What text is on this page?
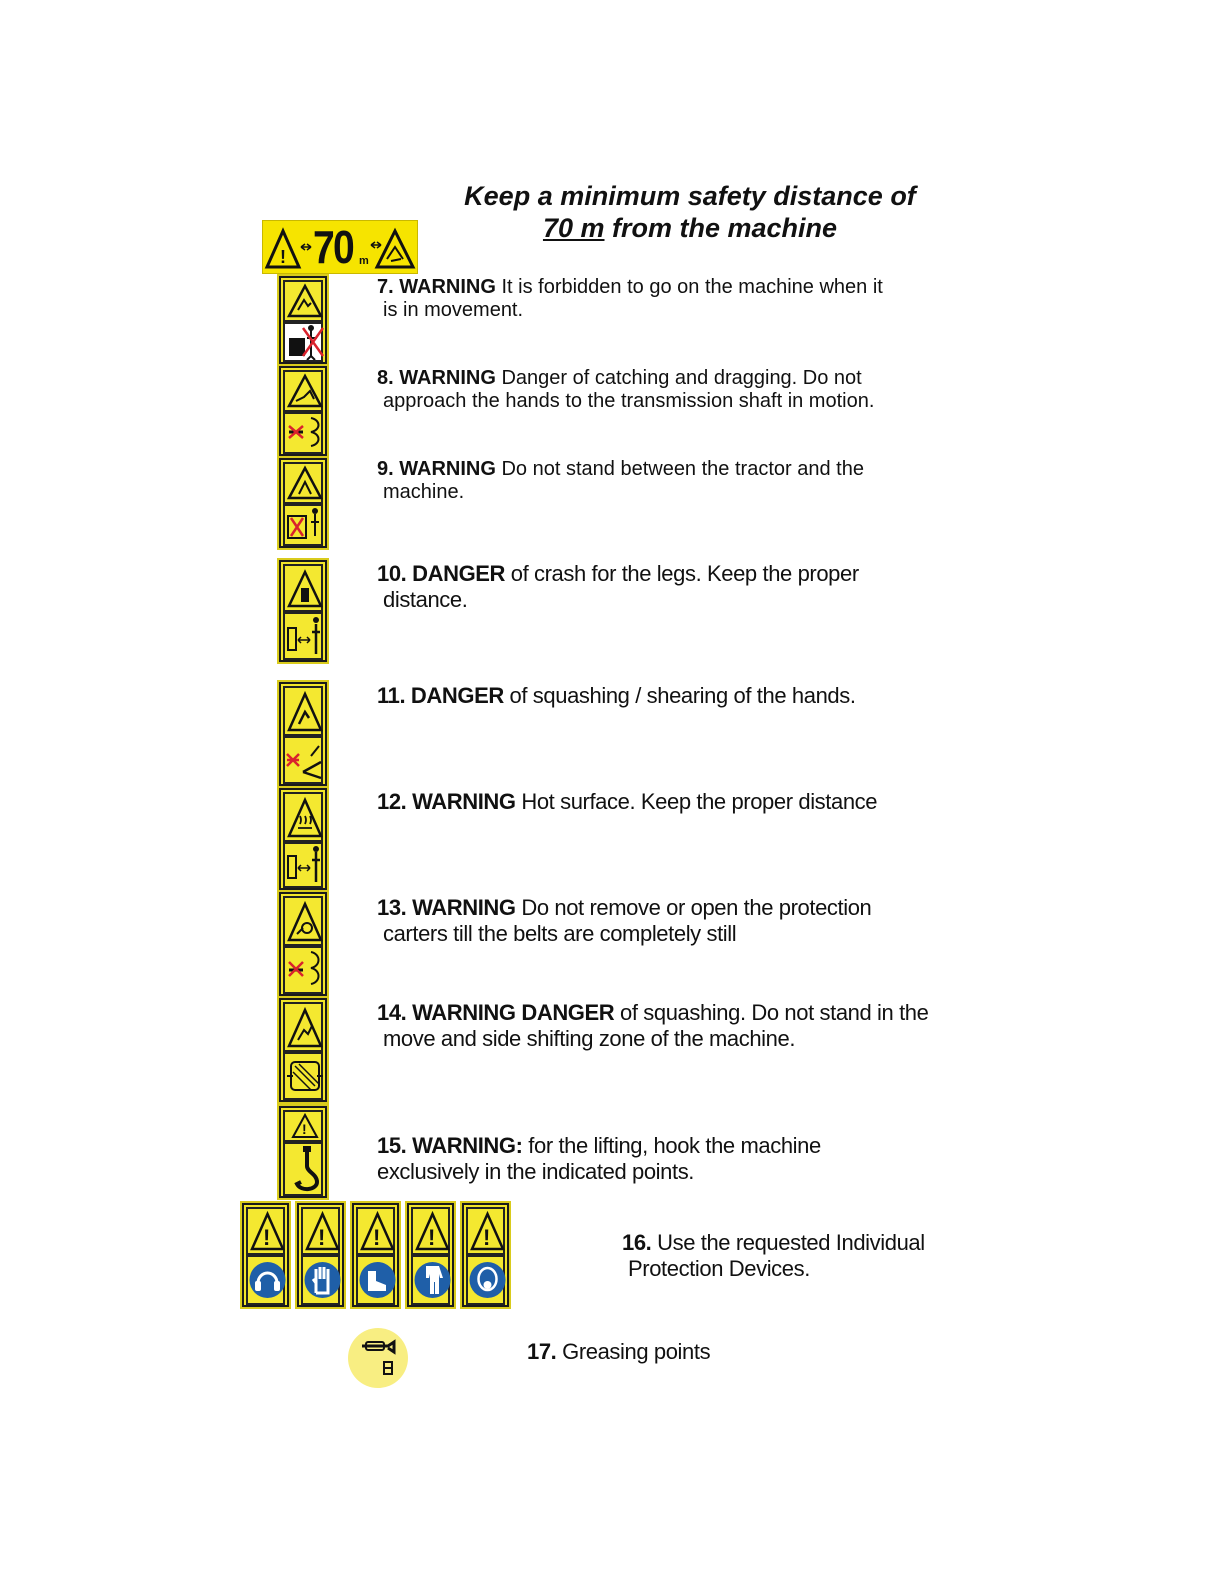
Keep a minimum safety distance of
70 m from the machine
! 70 m
!
7. WARNING It is forbidden to go on the machine when it
is in movement.
8. WARNING Danger of catching and dragging. Do not
approach the hands to the transmission shaft in motion.
9. WARNING Do not stand between the tractor and the
machine.
10. DANGER of crash for the legs. Keep the proper
distance.
11. DANGER of squashing / shearing of the hands.
12. WARNING Hot surface. Keep the proper distance
13. WARNING Do not remove or open the protection
carters till the belts are completely still
14. WARNING DANGER of squashing. Do not stand in the
move and side shifting zone of the machine.
15. WARNING: for the lifting, hook the machine
exclusively in the indicated points.
! ! ! ! !	16. Use the requested Individual
Protection Devices.
17. Greasing points
